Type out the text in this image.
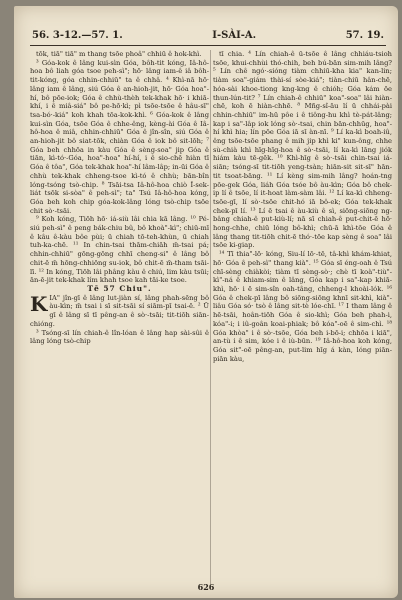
56. 3-12.—57. 1.	I-SÀI-A.	57. 19.

tōk, tiā" tiā" m thang tsōe phoâ" chhiū ê hok-khì.

³ Góa-kok ê lâng kui-sìn Góa, bôh-tit kóng, Iâ-hô-hoa bô liah góa tsoe peh-sì"; hō· lâng iam-ê iâ bôh-tit-kóng, góa chhin-chhiū" ta ê chhâ. ⁴ Khì-nā hō· lâng iam ê lâng, siú Góa ê an-hioh-jit, hō· Góa hoa"-hí, bô pōe-iok; Góa ê chhù-thèh tek-khak hō· i khiā-khí, i ê miâ-siá" bô pe-hō·kì; pì tsōe-tsōe ê hâu-sī" tsa-bó·-kiá" koh khah tōa-kok-khì. ⁶ Góa-kok ê lâng kui-sìn Góa, tsōe Góa ê chhe-êng, kèng-ài Góa ê Iâ-hô-hoa ê miâ, chhin-chhiū" Góa ê jîn-sîn, siú Góa ê an-hioh-jit bô siat-tōk, chiàn Góa ê iok bô sit-lōh; ⁷ Góa beh chhōa in kàu Góa ê sèng-soa" jip Góa ê tiān, kì-tó·-Góa, hoa"-hoa" hí-hí, i ê sio-chē hiàn tī Góa ê tôa", Góa tek-khak hoa"-hí lâm-lâp; in-ūi Góa ê chhù tek-khak chheng-tsoe kì-tó ê chhù; bān-bîn lóng-tsóng tsò-chip. ⁸ Tsāi-tsa Iâ-hô-hoa chiò Î-sek-liát tsōk si-sòa" ê peh-sì"; ta" Tsú Iâ-hô-hoa kóng, Góa beh koh chip góa-kok-lâng lóng tsò-chip tsōe chit sò·-tsāi.

⁹ Koh kóng, Tiōh hō· iá-siù lâi chia kā lâng. ¹⁰ Pé-siú peh-sì" ê peng bák-chiu bû, bô khoà"-kì"; chiū-mī ê kâu ê-kàu bôe pùi; ū chiah tō-teh-khùn, ū chiah tuh-ka-chē. ¹¹ In chin-tsai thām-chiāh m̄-tsai pá; chhin-chhiū" gōng-gōng chhī cheng-si" ê lâng bô chit-ē m̄ hōng-chhiōng su-iok, bô chit-ē m̄-tham tsāi-lī. ¹² In kóng, Tiōh lâi phâng kàu ê chiú, lim kàu tsūi; ān-ē-jit tek-khak lím khah tsoe kah tāi-ke tsoe.

Tē 57 Chiu".

KIA" jîn-gī ê lâng lut-jiàn sí, lâng phah-sēng bô àu-kìn; m̄ tsai i sī sit-tsāi sí siām-pī tsai-ē. ² Ū gī ê lâng sī tī pêng-an ê sò·-tsāi; tit-tiōh siān-chióng.

³ Tsóng-sī lín chiah-ê lîn-lóan ê lâng hap sài-sûi ê lâng lóng tsò-chip

tī chia. ⁴ Lín chiah-ê ū-tsōe ê lâng chhiáu-tsioh tsōe, khui-chhùi thó-chih, beh bú-bān sim-mih lâng? ⁵ Lín chê ngó·-sióng tiàm chhiū-kha kia" kan-lin; tiàm soa"-giám thài-sí sòe-kiá"; tiàn-chiū hân-chē, hóa-sài khoe-tiong kng-kng ê chióh; Góa kám ōe thun-lún-tit? ⁷ Lín chiah-ê chhiū" koa"-soa" lâi hiàn-chē, koh ē hiàn-chhē. ⁸ Mñg-sî-āu lí ū chhái-pài chhin-chhiū" im-hū pôe i ê tiông-hu khì tè-pát-lâng; kap i sa"-lâp iok lóng sò·-tsai, chin bān-chhūg, hoa"-hí khì hia; lín pōe Góa iā sī àn-nī. ⁹ Lí ka-kì boah-iû, êng tsōe-tsōe phang ê mih jip khì ki" kun-ông, chhe sù-chià khì hīg-hīg-hoa ê sò·-tsāi, lí ka-kì lāng jiók hiám kàu tē-gēk. ¹⁰ Khì-hīg ê sò·-tsāi chin-tsai iá-siān; tsóng-sī tit-tiōh yeng-tsàn; hiān-sit sit-sī" hān-tit tsoat-bāng. ¹¹ Lí kèng sim-mih lâng? hoán-tng pōe-gek Góa, liáh Góa tsóe bô àu-kìn; Góa bô chek-ip lí ê tsōe, lí it-hoat làm-sàm lâi. ¹² Lí ka-kì chheng-tsōe-gī, lí sò·-tsōe chit-hó iā bô-ek; Góa tek-khak chek-pī lí. ¹³ Lí ē tsai ê àu-kiù ê sì, siōng-siōng ng-bâng chiah-ê put-kiù-lí; nā sī chiah-ê put-chit-ē hō· hong-chhe, chiū lóng bô-khì; chū-ā khì-tōe Góa ê lâng thang tit-tiōh chit-ē thó·-tōe kap sèng ê soa" lâi tsōe ki-giap.

¹⁴ Tī thia"-lō· kóng, Siu-lí lō·-tē, tâ-khì khám-khiat, hō· Góa ê peh-sì" thang kià". ¹⁵ Góa sī éng-oah ê Tsú chī-sèng chiàkòi; tiàm tī sèng-sò·; chè tī koà"-tiù"-kì"-ná ê khiam-sim ê lâng, Góa kap i sa"-kap khiā-khì, hō· i ē sim-sîn oah-tâng, chheng-l khoài-lók. ¹⁶ Góa ê chek-pī lâng bô siōng-siōng khnī sit-khì, kià"-liâu Góa só· tsò ê lâng sit-tè lóe-chī. ¹⁷ I tham lâng ê hē-tsāi, hoân-tiōh Góa ê sio-khì; Góa beh phah-i, kóa"-i; i iû-goân koai-phiak; bô kóa"-oē ê sim-chì. ¹⁸ Góa khòa" i ê sò·-tsōe, Góa beh i-bō-i; chhōa i kiā", an-tù i ê sim, kóe i ê iù-būn. ¹⁹ Iâ-hô-hoa koh kóng, Góa sit"-oē pêng-an, put-lim hīg á kàn, lóng piān-piān kàu,

626
